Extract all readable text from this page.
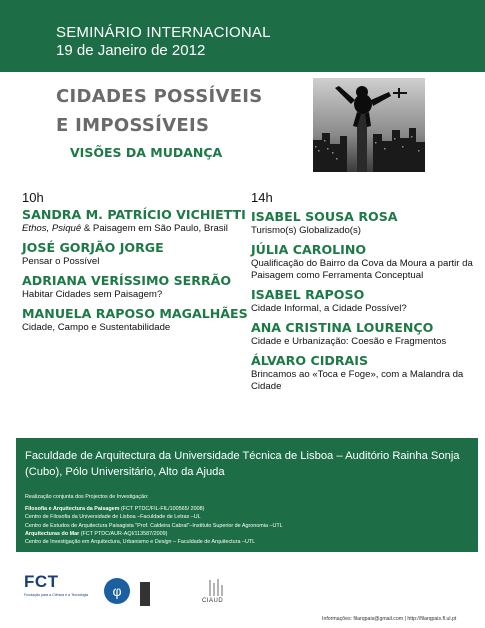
SEMINÁRIO INTERNACIONAL
19 de Janeiro de 2012
CIDADES POSSÍVEIS
E IMPOSSÍVEIS
VISÕES DA MUDANÇA
10h
SANDRA M. PATRÍCIO VICHIETTI
Ethos, Psiquê & Paisagem em São Paulo, Brasil
JOSÉ GORJÃO JORGE
Pensar o Possível
ADRIANA VERÍSSIMO SERRÃO
Habitar Cidades sem Paisagem?
MANUELA RAPOSO MAGALHÃES
Cidade, Campo e Sustentabilidade
14h
ISABEL SOUSA ROSA
Turismo(s) Globalizado(s)
JÚLIA CAROLINO
Qualificação do Bairro da Cova da Moura a partir da Paisagem como Ferramenta Conceptual
ISABEL RAPOSO
Cidade Informal, a Cidade Possível?
ANA CRISTINA LOURENÇO
Cidade e Urbanização: Coesão e Fragmentos
ÁLVARO CIDRAIS
Brincamos ao «Toca e Foge», com a Malandra da Cidade
Faculdade de Arquitectura da Universidade Técnica de Lisboa – Auditório Rainha Sonja (Cubo), Pólo Universitário, Alto da Ajuda
Realização conjunta dos Projectos de Investigação:
Filosofia e Arquitectura da Paisagem (FCT PTDC/FIL-FIL/100565/ 2008)
Centro de Filosofia da Universidade de Lisboa –Faculdade de Letras –UL
Centro de Estudos de Arquitectura Paisagista "Prof. Caldeira Cabral"–Instituto Superior de Agronomia –UTL
Arquitecturas do Mar (FCT PTDC/AUR-AQI/113587/2009)
Centro de Investigação em Arquitectura, Urbanismo e Design – Faculdade de Arquitectura –UTL
FCT
Fundação para a Ciência e a Tecnologia	φ
CIAUD
Informações: filarqpais@gmail.com | http://filarqpais.fl.ul.pt
